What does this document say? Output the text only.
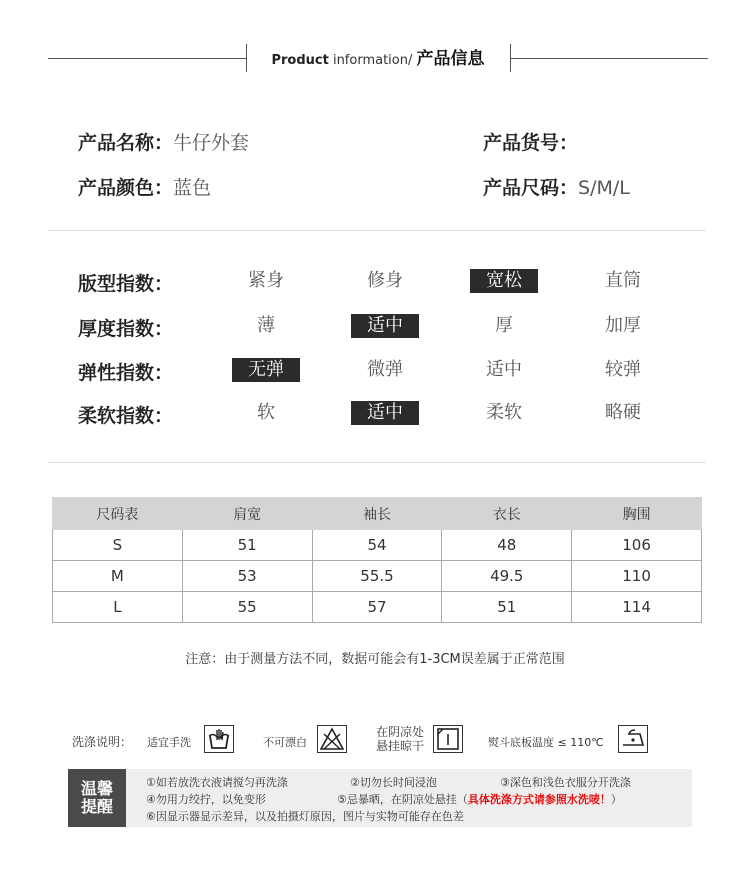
Product information/ 产品信息
产品名称：牛仔外套	产品货号：
产品颜色：蓝色	产品尺码：S/M/L
版型指数：	紧身	修身	宽松	直筒
厚度指数：	薄	适中	厚	加厚
弹性指数：	无弹	微弹	适中	较弹
柔软指数：	软	适中	柔软	略硬
尺码表	肩宽	袖长	衣长	胸围
S	51	54	48	106
M	53	55.5	49.5	110
L	55	57	51	114
注意：由于测量方法不同，数据可能会有1-3CM误差属于正常范围
洗涤说明： 适宜手洗	不可漂白
在阴凉处
悬挂晾干	熨斗底板温度 ≤ 110℃
温馨
提醒
①如若放洗衣液请搅匀再洗涤	②切勿长时间浸泡	③深色和浅色衣服分开洗涤
④勿用力绞拧，以免变形	⑤忌暴晒，在阴凉处悬挂（具体洗涤方式请参照水洗唛！）
⑥因显示器显示差异，以及拍摄灯原因，图片与实物可能存在色差
